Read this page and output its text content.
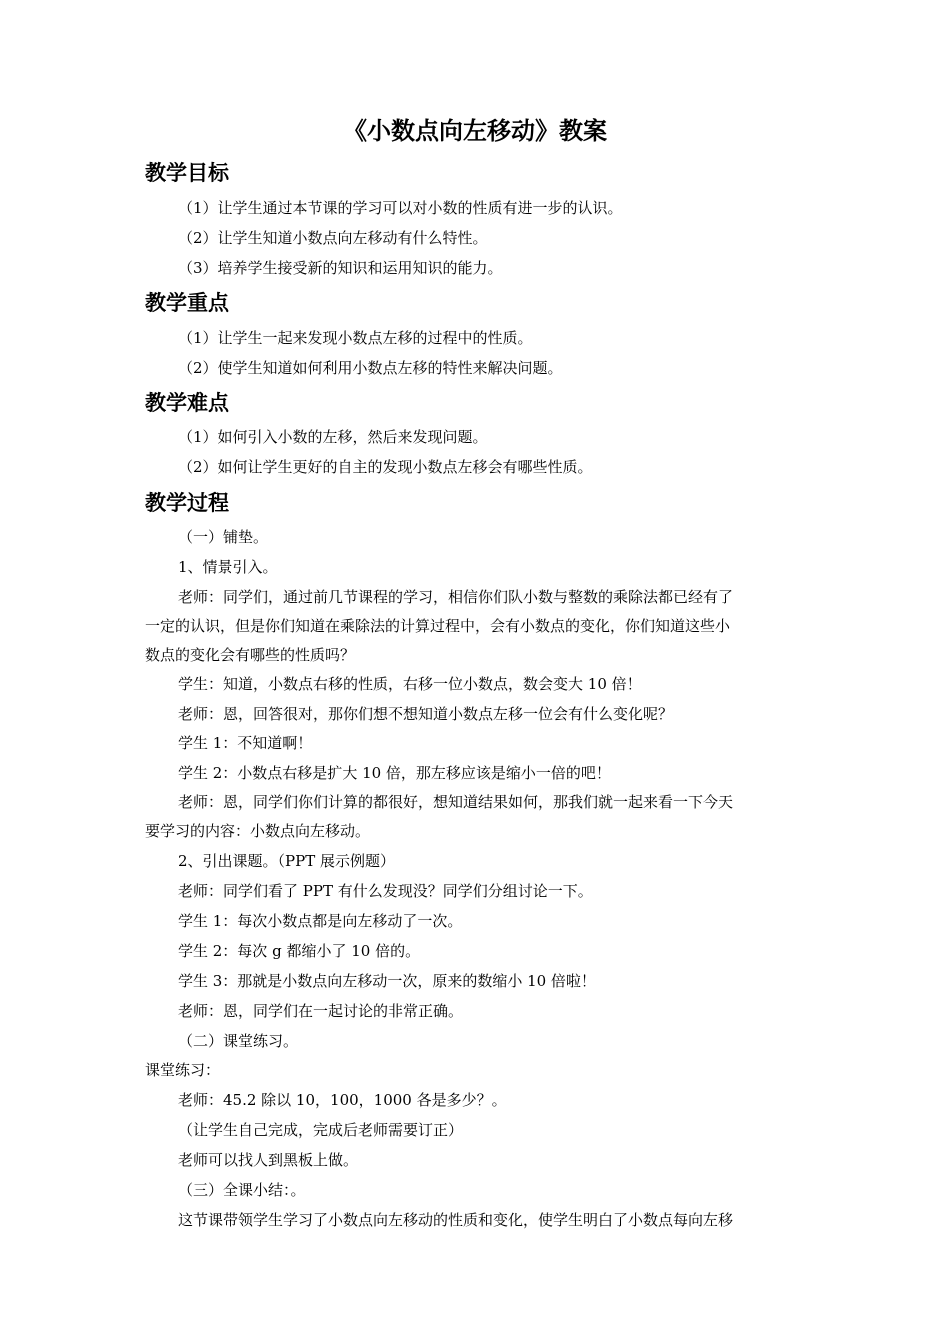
《小数点向左移动》教案
教学目标
（1）让学生通过本节课的学习可以对小数的性质有进一步的认识。
（2）让学生知道小数点向左移动有什么特性。
（3）培养学生接受新的知识和运用知识的能力。
教学重点
（1）让学生一起来发现小数点左移的过程中的性质。
（2）使学生知道如何利用小数点左移的特性来解决问题。
教学难点
（1）如何引入小数的左移，然后来发现问题。
（2）如何让学生更好的自主的发现小数点左移会有哪些性质。
教学过程
（一）铺垫。
1、情景引入。
老师：同学们，通过前几节课程的学习，相信你们队小数与整数的乘除法都已经有了
一定的认识，但是你们知道在乘除法的计算过程中，会有小数点的变化，你们知道这些小
数点的变化会有哪些的性质吗？
学生：知道，小数点右移的性质，右移一位小数点，数会变大 10 倍！
老师：恩，回答很对，那你们想不想知道小数点左移一位会有什么变化呢？
学生 1：不知道啊！
学生 2：小数点右移是扩大 10 倍，那左移应该是缩小一倍的吧！
老师：恩，同学们你们计算的都很好，想知道结果如何，那我们就一起来看一下今天
要学习的内容：小数点向左移动。
2、引出课题。（PPT 展示例题）
老师：同学们看了 PPT 有什么发现没？同学们分组讨论一下。
学生 1：每次小数点都是向左移动了一次。
学生 2：每次 g 都缩小了 10 倍的。
学生 3：那就是小数点向左移动一次，原来的数缩小 10 倍啦！
老师：恩，同学们在一起讨论的非常正确。
（二）课堂练习。
课堂练习：
老师：45.2 除以 10，100，1000 各是多少？。
（让学生自己完成，完成后老师需要订正）
老师可以找人到黑板上做。
（三）全课小结：。
这节课带领学生学习了小数点向左移动的性质和变化，使学生明白了小数点每向左移
